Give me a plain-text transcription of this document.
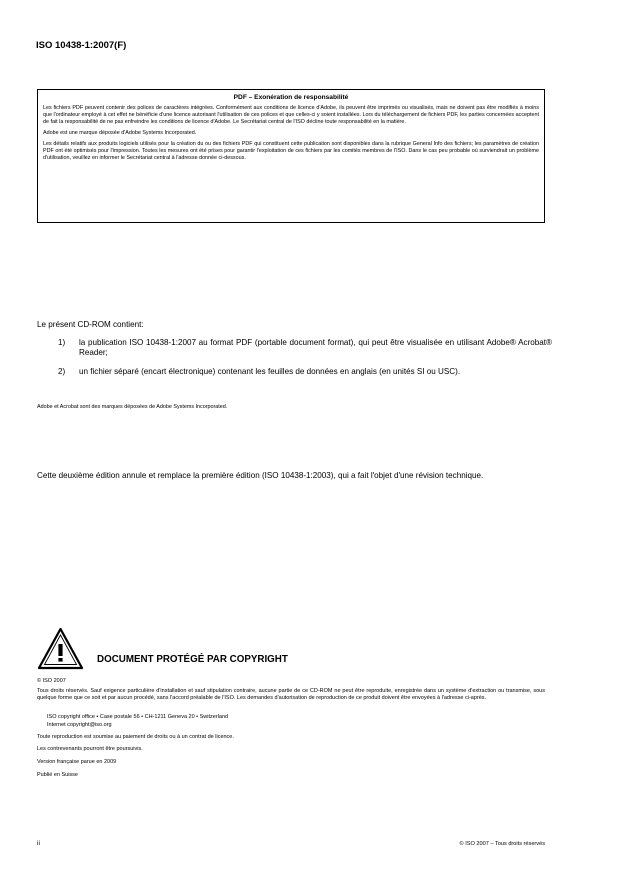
ISO 10438-1:2007(F)
PDF – Exonération de responsabilité

Les fichiers PDF peuvent contenir des polices de caractères intégrées. Conformément aux conditions de licence d'Adobe, ils peuvent être imprimés ou visualisés, mais ne doivent pas être modifiés à moins que l'ordinateur employé à cet effet ne bénéficie d'une licence autorisant l'utilisation de ces polices et que celles-ci y soient installées. Lors du téléchargement de fichiers PDF, les parties concernées acceptent de fait la responsabilité de ne pas enfreindre les conditions de licence d'Adobe. Le Secrétariat central de l'ISO décline toute responsabilité en la matière.

Adobe est une marque déposée d'Adobe Systems Incorporated.

Les détails relatifs aux produits logiciels utilisés pour la création du ou des fichiers PDF qui constituent cette publication sont disponibles dans la rubrique General Info des fichiers; les paramètres de création PDF ont été optimisés pour l'impression. Toutes les mesures ont été prises pour garantir l'exploitation de ces fichiers par les comités membres de l'ISO. Dans le cas peu probable où surviendrait un problème d'utilisation, veuillez en informer le Secrétariat central à l'adresse donnée ci-dessous.

Le présent CD-ROM contient:
1) la publication ISO 10438-1:2007 au format PDF (portable document format), qui peut être visualisée en utilisant Adobe® Acrobat® Reader;
2) un fichier séparé (encart électronique) contenant les feuilles de données en anglais (en unités SI ou USC).
Adobe et Acrobat sont des marques déposées de Adobe Systems Incorporated.
Cette deuxième édition annule et remplace la première édition (ISO 10438-1:2003), qui a fait l'objet d'une révision technique.
DOCUMENT PROTÉGÉ PAR COPYRIGHT
© ISO 2007
Tous droits réservés. Sauf exigence particulière d'installation et sauf stipulation contraire, aucune partie de ce CD-ROM ne peut être reproduite, enregistrée dans un système d'extraction ou transmise, sous quelque forme que ce soit et par aucun procédé, sans l'accord préalable de l'ISO. Les demandes d'autorisation de reproduction de ce produit doivent être envoyées à l'adresse ci-après.
ISO copyright office • Case postale 56 • CH-1211 Geneva 20 • Switzerland
Internet copyright@iso.org
Toute reproduction est soumise au paiement de droits ou à un contrat de licence.
Les contrevenants pourront être poursuivis.
Version française parue en 2009
Publié en Suisse
ii	© ISO 2007 – Tous droits réservés
